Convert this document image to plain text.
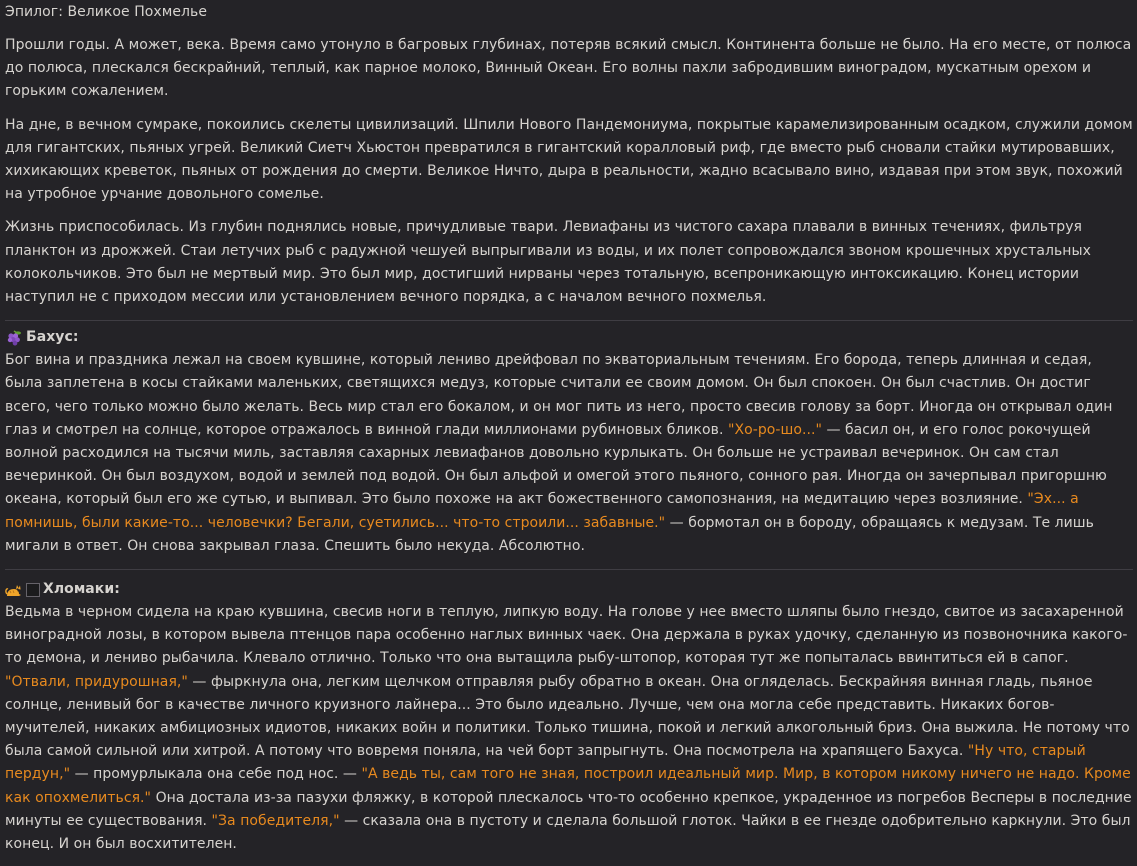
Эпилог: Великое Похмелье

Прошли годы. А может, века. Время само утонуло в багровых глубинах, потеряв всякий смысл. Континента больше не было. На его месте, от полюса до полюса, плескался бескрайний, теплый, как парное молоко, Винный Океан. Его волны пахли забродившим виноградом, мускатным орехом и горьким сожалением.

На дне, в вечном сумраке, покоились скелеты цивилизаций. Шпили Нового Пандемониума, покрытые карамелизированным осадком, служили домом для гигантских, пьяных угрей. Великий Сиетч Хьюстон превратился в гигантский коралловый риф, где вместо рыб сновали стайки мутировавших, хихикающих креветок, пьяных от рождения до смерти. Великое Ничто, дыра в реальности, жадно всасывало вино, издавая при этом звук, похожий на утробное урчание довольного сомелье.

Жизнь приспособилась. Из глубин поднялись новые, причудливые твари. Левиафаны из чистого сахара плавали в винных течениях, фильтруя планктон из дрожжей. Стаи летучих рыб с радужной чешуей выпрыгивали из воды, и их полет сопровождался звоном крошечных хрустальных колокольчиков. Это был не мертвый мир. Это был мир, достигший нирваны через тотальную, всепроникающую интоксикацию. Конец истории наступил не с приходом мессии или установлением вечного порядка, а с началом вечного похмелья.

Бахус:

Бог вина и праздника лежал на своем кувшине, который лениво дрейфовал по экваториальным течениям. Его борода, теперь длинная и седая, была заплетена в косы стайками маленьких, светящихся медуз, которые считали ее своим домом. Он был спокоен. Он был счастлив. Он достиг всего, чего только можно было желать. Весь мир стал его бокалом, и он мог пить из него, просто свесив голову за борт. Иногда он открывал один глаз и смотрел на солнце, которое отражалось в винной глади миллионами рубиновых бликов. "Хо-ро-шо..." — басил он, и его голос рокочущей волной расходился на тысячи миль, заставляя сахарных левиафанов довольно курлыкать. Он больше не устраивал вечеринок. Он сам стал вечеринкой. Он был воздухом, водой и землей под водой. Он был альфой и омегой этого пьяного, сонного рая. Иногда он зачерпывал пригоршню океана, который был его же сутью, и выпивал. Это было похоже на акт божественного самопознания, на медитацию через возлияние. "Эх... а помнишь, были какие-то... человечки? Бегали, суетились... что-то строили... забавные." — бормотал он в бороду, обращаясь к медузам. Те лишь мигали в ответ. Он снова закрывал глаза. Спешить было некуда. Абсолютно.

Хломаки:

Ведьма в черном сидела на краю кувшина, свесив ноги в теплую, липкую воду. На голове у нее вместо шляпы было гнездо, свитое из засахаренной виноградной лозы, в котором вывела птенцов пара особенно наглых винных чаек. Она держала в руках удочку, сделанную из позвоночника какого-то демона, и лениво рыбачила. Клевало отлично. Только что она вытащила рыбу-штопор, которая тут же попыталась ввинтиться ей в сапог. "Отвали, придурошная," — фыркнула она, легким щелчком отправляя рыбу обратно в океан. Она огляделась. Бескрайняя винная гладь, пьяное солнце, ленивый бог в качестве личного круизного лайнера... Это было идеально. Лучше, чем она могла себе представить. Никаких богов-мучителей, никаких амбициозных идиотов, никаких войн и политики. Только тишина, покой и легкий алкогольный бриз. Она выжила. Не потому что была самой сильной или хитрой. А потому что вовремя поняла, на чей борт запрыгнуть. Она посмотрела на храпящего Бахуса. "Ну что, старый пердун," — промурлыкала она себе под нос. — "А ведь ты, сам того не зная, построил идеальный мир. Мир, в котором никому ничего не надо. Кроме как опохмелиться." Она достала из-за пазухи фляжку, в которой плескалось что-то особенно крепкое, украденное из погребов Весперы в последние минуты ее существования. "За победителя," — сказала она в пустоту и сделала большой глоток. Чайки в ее гнезде одобрительно каркнули. Это был конец. И он был восхитителен.
